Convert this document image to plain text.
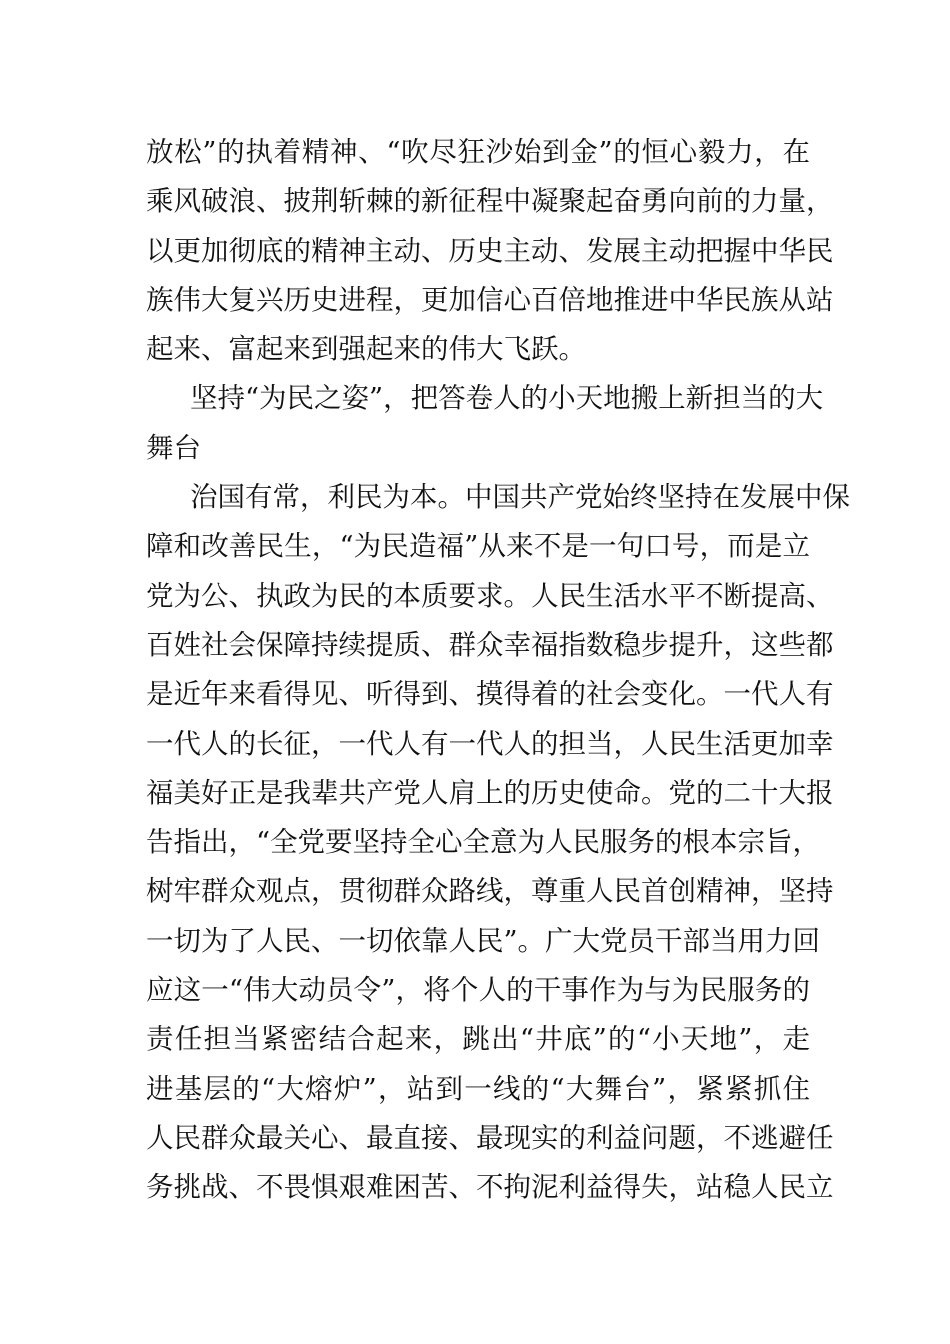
放松”的执着精神、“吹尽狂沙始到金”的恒心毅力，在
乘风破浪、披荆斩棘的新征程中凝聚起奋勇向前的力量，
以更加彻底的精神主动、历史主动、发展主动把握中华民
族伟大复兴历史进程，更加信心百倍地推进中华民族从站
起来、富起来到强起来的伟大飞跃。
坚持“为民之姿”，把答卷人的小天地搬上新担当的大
舞台
治国有常，利民为本。中国共产党始终坚持在发展中保
障和改善民生，“为民造福”从来不是一句口号，而是立
党为公、执政为民的本质要求。人民生活水平不断提高、
百姓社会保障持续提质、群众幸福指数稳步提升，这些都
是近年来看得见、听得到、摸得着的社会变化。一代人有
一代人的长征，一代人有一代人的担当，人民生活更加幸
福美好正是我辈共产党人肩上的历史使命。党的二十大报
告指出，“全党要坚持全心全意为人民服务的根本宗旨，
树牢群众观点，贯彻群众路线，尊重人民首创精神，坚持
一切为了人民、一切依靠人民”。广大党员干部当用力回
应这一“伟大动员令”，将个人的干事作为与为民服务的
责任担当紧密结合起来，跳出“井底”的“小天地”，走
进基层的“大熔炉”，站到一线的“大舞台”，紧紧抓住
人民群众最关心、最直接、最现实的利益问题，不逃避任
务挑战、不畏惧艰难困苦、不拘泥利益得失，站稳人民立
